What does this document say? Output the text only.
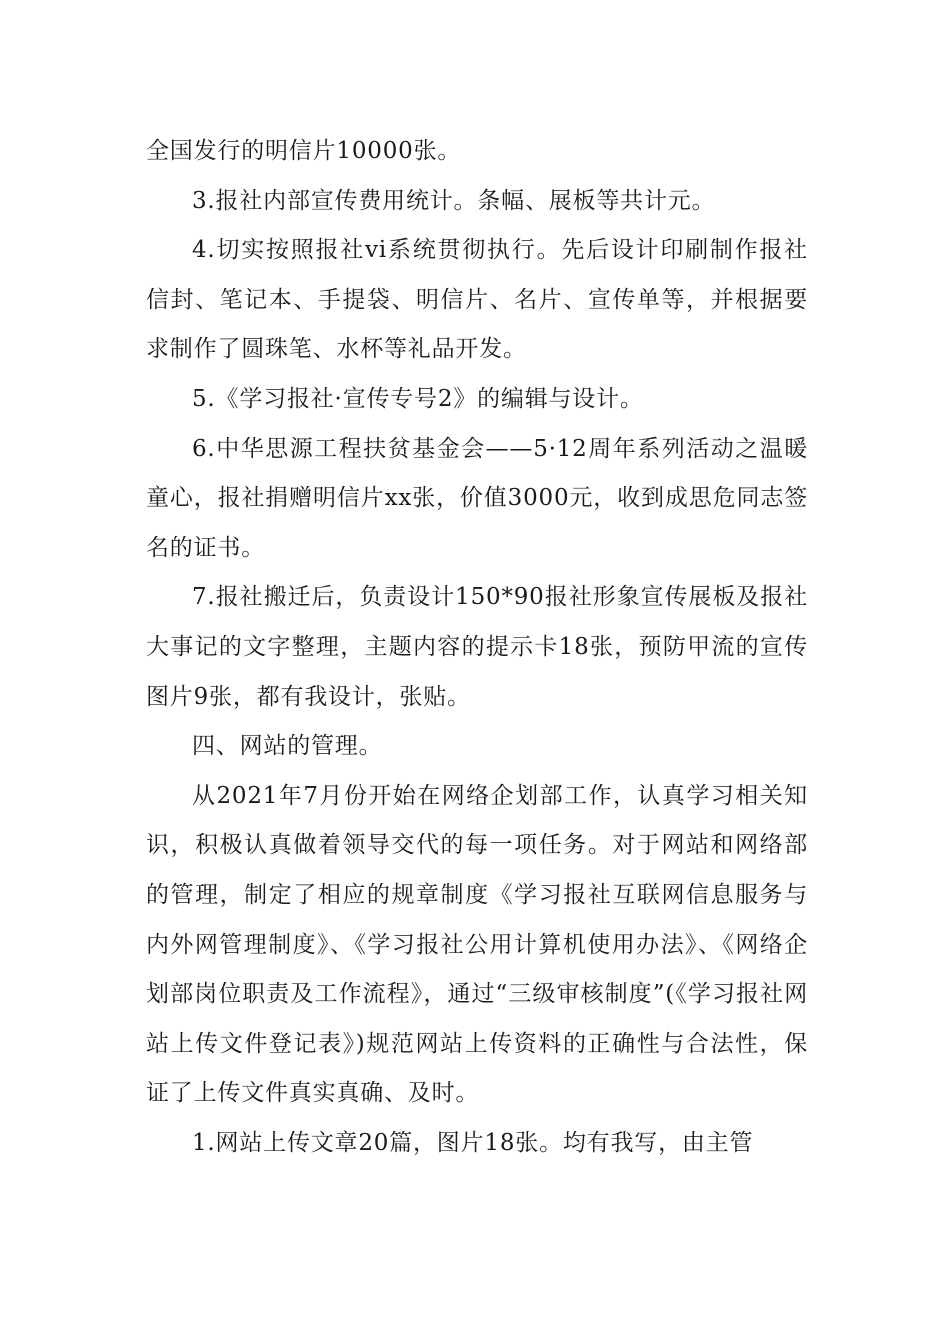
全国发行的明信片10000张。

3.报社内部宣传费用统计。条幅、展板等共计元。

4.切实按照报社vi系统贯彻执行。先后设计印刷制作报社信封、笔记本、手提袋、明信片、名片、宣传单等，并根据要求制作了圆珠笔、水杯等礼品开发。

5.《学习报社·宣传专号2》的编辑与设计。

6.中华思源工程扶贫基金会——5·12周年系列活动之温暖童心，报社捐赠明信片xx张，价值3000元，收到成思危同志签名的证书。

7.报社搬迁后，负责设计150*90报社形象宣传展板及报社大事记的文字整理，主题内容的提示卡18张，预防甲流的宣传图片9张，都有我设计，张贴。

四、网站的管理。

从2021年7月份开始在网络企划部工作，认真学习相关知识，积极认真做着领导交代的每一项任务。对于网站和网络部的管理，制定了相应的规章制度《学习报社互联网信息服务与内外网管理制度》、《学习报社公用计算机使用办法》、《网络企划部岗位职责及工作流程》，通过“三级审核制度”(《学习报社网站上传文件登记表》)规范网站上传资料的正确性与合法性，保证了上传文件真实真确、及时。

1.网站上传文章20篇，图片18张。均有我写，由主管
